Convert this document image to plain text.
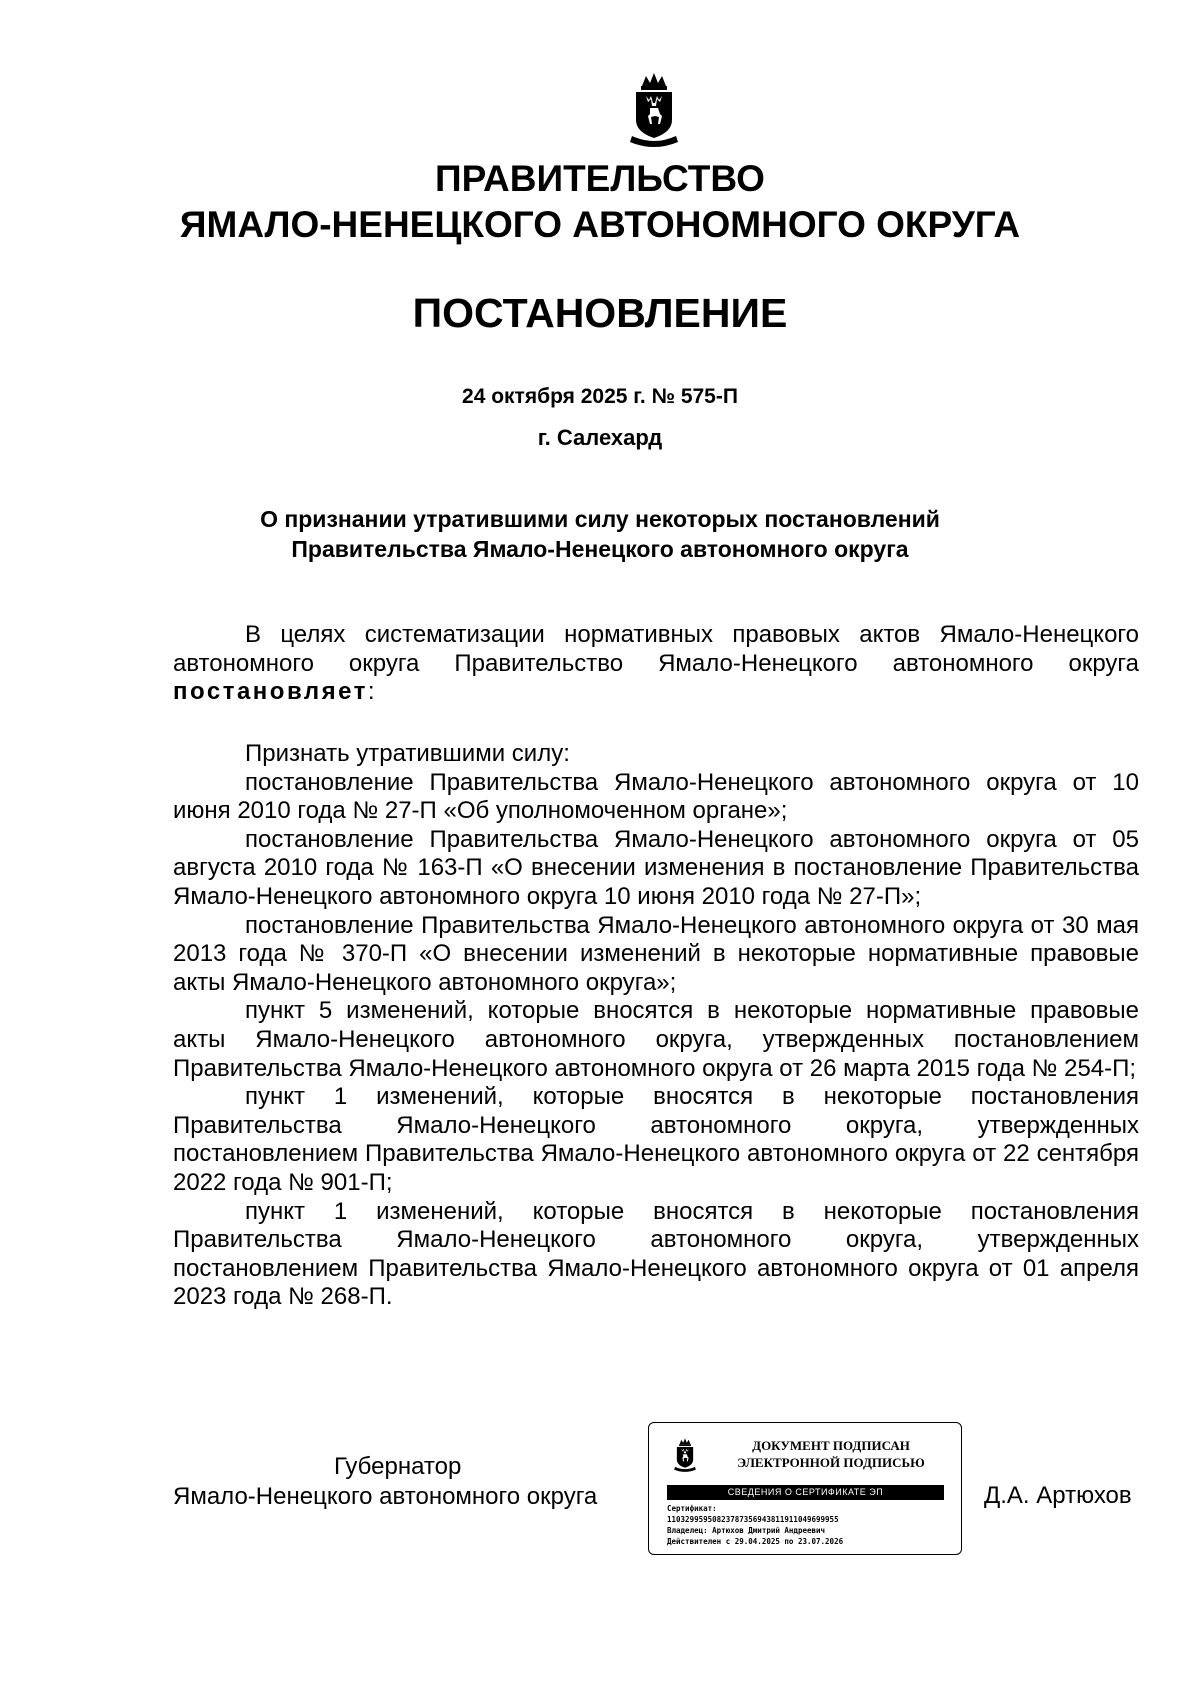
ПРАВИТЕЛЬСТВО
ЯМАЛО-НЕНЕЦКОГО АВТОНОМНОГО ОКРУГА
ПОСТАНОВЛЕНИЕ
24 октября 2025 г. № 575-П
г. Салехард
О признании утратившими силу некоторых постановлений
Правительства Ямало-Ненецкого автономного округа

В целях систематизации нормативных правовых актов Ямало-Ненецкого автономного округа Правительство Ямало-Ненецкого автономного округа постановляет:

Признать утратившими силу:

постановление Правительства Ямало-Ненецкого автономного округа от 10 июня 2010 года № 27-П «Об уполномоченном органе»;

постановление Правительства Ямало-Ненецкого автономного округа от 05 августа 2010 года № 163-П «О внесении изменения в постановление Правительства Ямало-Ненецкого автономного округа 10 июня 2010 года № 27-П»;

постановление Правительства Ямало-Ненецкого автономного округа от 30 мая 2013 года № 370-П «О внесении изменений в некоторые нормативные правовые акты Ямало-Ненецкого автономного округа»;

пункт 5 изменений, которые вносятся в некоторые нормативные правовые акты Ямало-Ненецкого автономного округа, утвержденных постановлением Правительства Ямало-Ненецкого автономного округа от 26 марта 2015 года № 254-П;

пункт 1 изменений, которые вносятся в некоторые постановления Правительства Ямало-Ненецкого автономного округа, утвержденных постановлением Правительства Ямало-Ненецкого автономного округа от 22 сентября 2022 года № 901-П;

пункт 1 изменений, которые вносятся в некоторые постановления Правительства Ямало-Ненецкого автономного округа, утвержденных постановлением Правительства Ямало-Ненецкого автономного округа от 01 апреля 2023 года № 268-П.

Губернатор
Ямало-Ненецкого автономного округа	Д.А. Артюхов
ДОКУМЕНТ ПОДПИСАН
ЭЛЕКТРОННОЙ ПОДПИСЬЮ
СВЕДЕНИЯ О СЕРТИФИКАТЕ ЭП
Сертификат:
11032995950823787356943811911049699955
Владелец: Артюхов Дмитрий Андреевич
Действителен с 29.04.2025 по 23.07.2026
